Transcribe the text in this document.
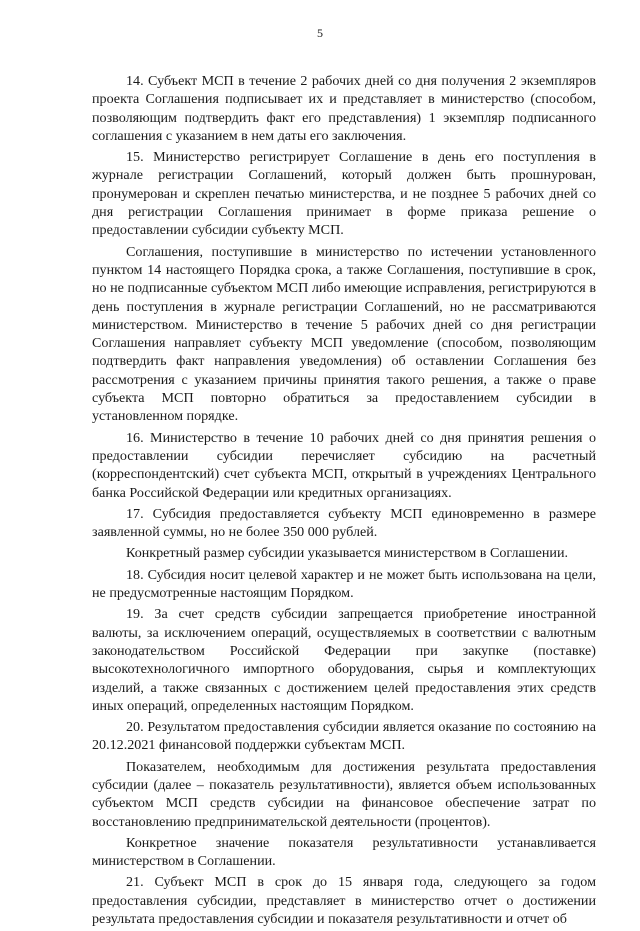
5

14. Субъект МСП в течение 2 рабочих дней со дня получения 2 экземпляров проекта Соглашения подписывает их и представляет в министерство (способом, позволяющим подтвердить факт его представления) 1 экземпляр подписанного соглашения с указанием в нем даты его заключения.

15. Министерство регистрирует Соглашение в день его поступления в журнале регистрации Соглашений, который должен быть прошнурован, пронумерован и скреплен печатью министерства, и не позднее 5 рабочих дней со дня регистрации Соглашения принимает в форме приказа решение о предоставлении субсидии субъекту МСП.

Соглашения, поступившие в министерство по истечении установленного пунктом 14 настоящего Порядка срока, а также Соглашения, поступившие в срок, но не подписанные субъектом МСП либо имеющие исправления, регистрируются в день поступления в журнале регистрации Соглашений, но не рассматриваются министерством. Министерство в течение 5 рабочих дней со дня регистрации Соглашения направляет субъекту МСП уведомление (способом, позволяющим подтвердить факт направления уведомления) об оставлении Соглашения без рассмотрения с указанием причины принятия такого решения, а также о праве субъекта МСП повторно обратиться за предоставлением субсидии в установленном порядке.

16. Министерство в течение 10 рабочих дней со дня принятия решения о предоставлении субсидии перечисляет субсидию на расчетный (корреспондентский) счет субъекта МСП, открытый в учреждениях Центрального банка Российской Федерации или кредитных организациях.

17. Субсидия предоставляется субъекту МСП единовременно в размере заявленной суммы, но не более 350 000 рублей.

Конкретный размер субсидии указывается министерством в Соглашении.

18. Субсидия носит целевой характер и не может быть использована на цели, не предусмотренные настоящим Порядком.

19. За счет средств субсидии запрещается приобретение иностранной валюты, за исключением операций, осуществляемых в соответствии с валютным законодательством Российской Федерации при закупке (поставке) высокотехнологичного импортного оборудования, сырья и комплектующих изделий, а также связанных с достижением целей предоставления этих средств иных операций, определенных настоящим Порядком.

20. Результатом предоставления субсидии является оказание по состоянию на 20.12.2021 финансовой поддержки субъектам МСП.

Показателем, необходимым для достижения результата предоставления субсидии (далее – показатель результативности), является объем использованных субъектом МСП средств субсидии на финансовое обеспечение затрат по восстановлению предпринимательской деятельности (процентов).

Конкретное значение показателя результативности устанавливается министерством в Соглашении.

21. Субъект МСП в срок до 15 января года, следующего за годом предоставления субсидии, представляет в министерство отчет о достижении результата предоставления субсидии и показателя результативности и отчет об
